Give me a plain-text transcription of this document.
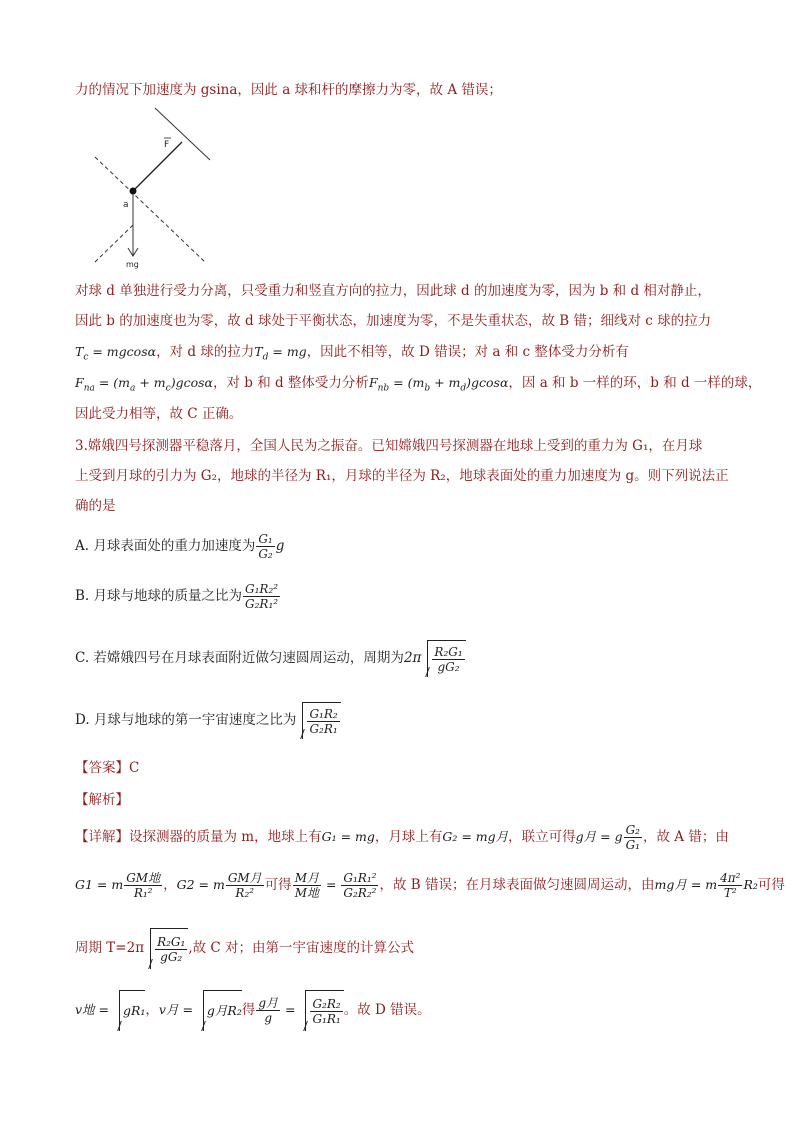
力的情况下加速度为 gsina，因此 a 球和杆的摩擦力为零，故 A 错误；
F
a
mg
对球 d 单独进行受力分离，只受重力和竖直方向的拉力，因此球 d 的加速度为零，因为 b 和 d 相对静止，
因此 b 的加速度也为零，故 d 球处于平衡状态，加速度为零，不是失重状态，故 B 错；细线对 c 球的拉力
$T_c = mgcos\alpha$，对 d 球的拉力$T_d$ = mg，因此不相等，故 D 错误；对 a 和 c 整体受力分析有
$F_{na} = (m_a + m_c)gcos\alpha$，对 b 和 d 整体受力分析$F_{nb} = (m_b + m_d)gcos\alpha$，因 a 和 b 一样的环，b 和 d 一样的球，
因此受力相等，故 C 正确。
3.嫦娥四号探测器平稳落月，全国人民为之振奋。已知嫦娥四号探测器在地球上受到的重力为 G₁，在月球
上受到月球的引力为 G₂，地球的半径为 R₁，月球的半径为 R₂，地球表面处的重力加速度为 g。则下列说法正
确的是
A. 月球表面处的重力加速度为 $\frac{\text{G₁}}{\text{G₂}}$ g
B. 月球与地球的质量之比为 $\frac{\text{G₁R₂²}}{\text{G₂R₁²}}$
C. 若嫦娥四号在月球表面附近做匀速圆周运动，周期为$2\pi \frac{\text{R₂G₁}}{\text{gG₂}}$
D. 月球与地球的第一宇宙速度之比为 $\frac{\text{G₁R₂}}{\text{G₂R₁}}$
【答案】C
【解析】
【详解】设探测器的质量为 m，地球上有G₁ = mg，月球上有G₂ = mg月，联立可得g月 = g $\frac{\text{G₂}}{\text{G₁}}$ ，故 A 错；由
G1 = m $\frac{\text{GM地}}{\text{R₁²}}$ ，G2 = m $\frac{\text{GM月}}{\text{R₂²}}$ 可得 $\frac{\text{M月}}{\text{M地}} = \frac{\text{G₁R₁²}}{\text{G₂R₂²}}$ ，故 B 错误；在月球表面做匀速圆周运动，由mg月 = m $\frac{\text{4π²}}{\text{T²}} R_2$可得
周期 $T=2\pi \frac{\text{R₂G₁}}{\text{gG₂}}$ ,故 C 对；由第一宇宙速度的计算公式
v地 = gR₁，v月 = g月R₂得 $\frac{\text{g月}}{g} = \frac{\text{G₂R₂}}{\text{G₁R₁}}$ 。故 D 错误。
